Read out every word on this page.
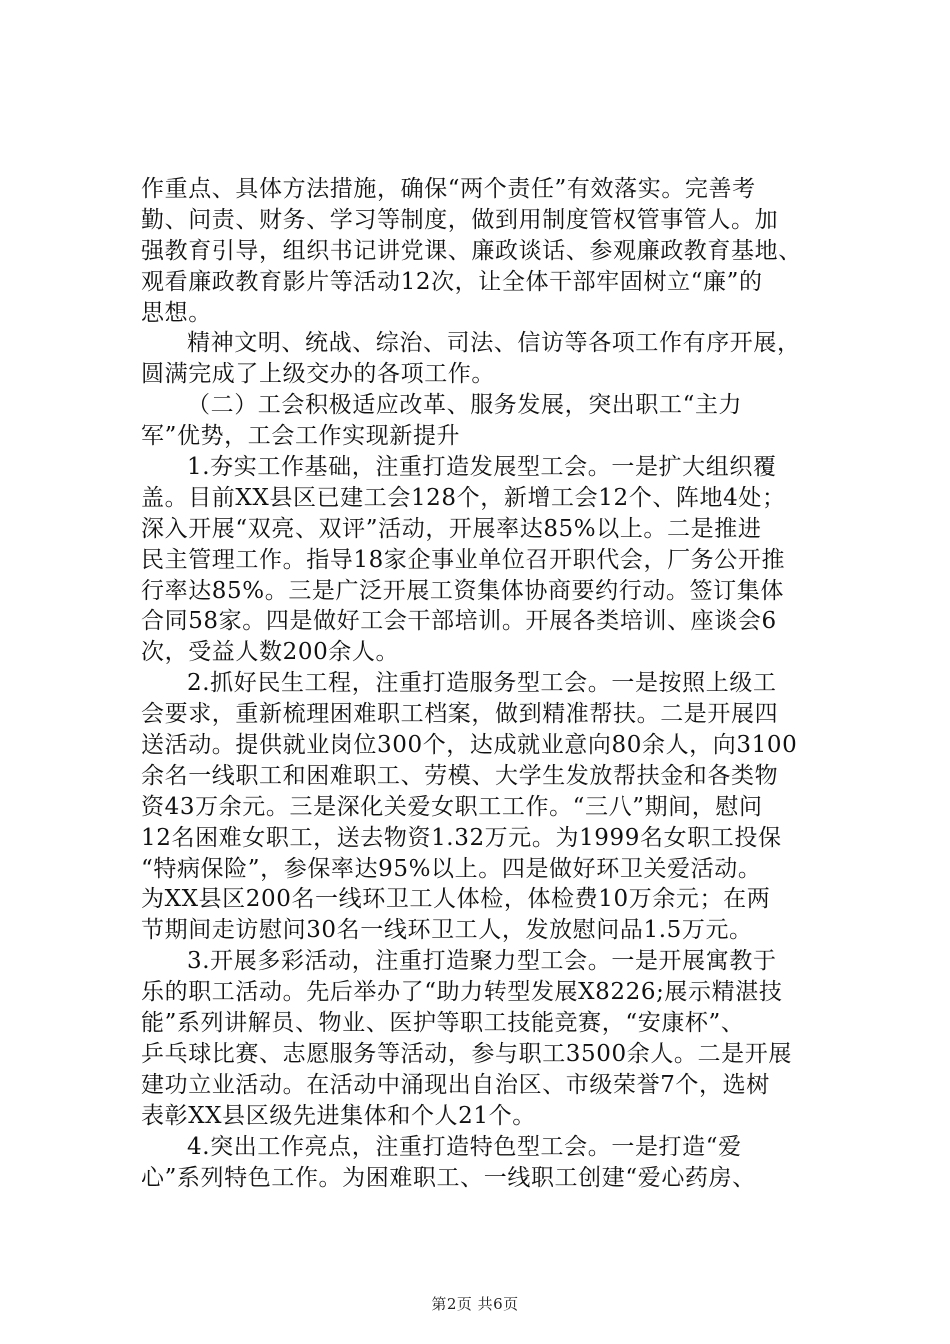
作重点、具体方法措施，确保“两个责任”有效落实。完善考
勤、问责、财务、学习等制度，做到用制度管权管事管人。加
强教育引导，组织书记讲党课、廉政谈话、参观廉政教育基地、
观看廉政教育影片等活动12次，让全体干部牢固树立“廉”的
思想。
精神文明、统战、综治、司法、信访等各项工作有序开展，
圆满完成了上级交办的各项工作。
（二）工会积极适应改革、服务发展，突出职工“主力
军”优势，工会工作实现新提升
1.夯实工作基础，注重打造发展型工会。一是扩大组织覆
盖。目前XX县区已建工会128个，新增工会12个、阵地4处；
深入开展“双亮、双评”活动，开展率达85%以上。二是推进
民主管理工作。指导18家企事业单位召开职代会，厂务公开推
行率达85%。三是广泛开展工资集体协商要约行动。签订集体
合同58家。四是做好工会干部培训。开展各类培训、座谈会6
次，受益人数200余人。
2.抓好民生工程，注重打造服务型工会。一是按照上级工
会要求，重新梳理困难职工档案，做到精准帮扶。二是开展四
送活动。提供就业岗位300个，达成就业意向80余人，向3100
余名一线职工和困难职工、劳模、大学生发放帮扶金和各类物
资43万余元。三是深化关爱女职工工作。“三八”期间，慰问
12名困难女职工，送去物资1.32万元。为1999名女职工投保
“特病保险”，参保率达95%以上。四是做好环卫关爱活动。
为XX县区200名一线环卫工人体检，体检费10万余元；在两
节期间走访慰问30名一线环卫工人，发放慰问品1.5万元。
3.开展多彩活动，注重打造聚力型工会。一是开展寓教于
乐的职工活动。先后举办了“助力转型发展X8226;展示精湛技
能”系列讲解员、物业、医护等职工技能竞赛，“安康杯”、
乒乓球比赛、志愿服务等活动，参与职工3500余人。二是开展
建功立业活动。在活动中涌现出自治区、市级荣誉7个，选树
表彰XX县区级先进集体和个人21个。
4.突出工作亮点，注重打造特色型工会。一是打造“爱
心”系列特色工作。为困难职工、一线职工创建“爱心药房、
第2页 共6页
